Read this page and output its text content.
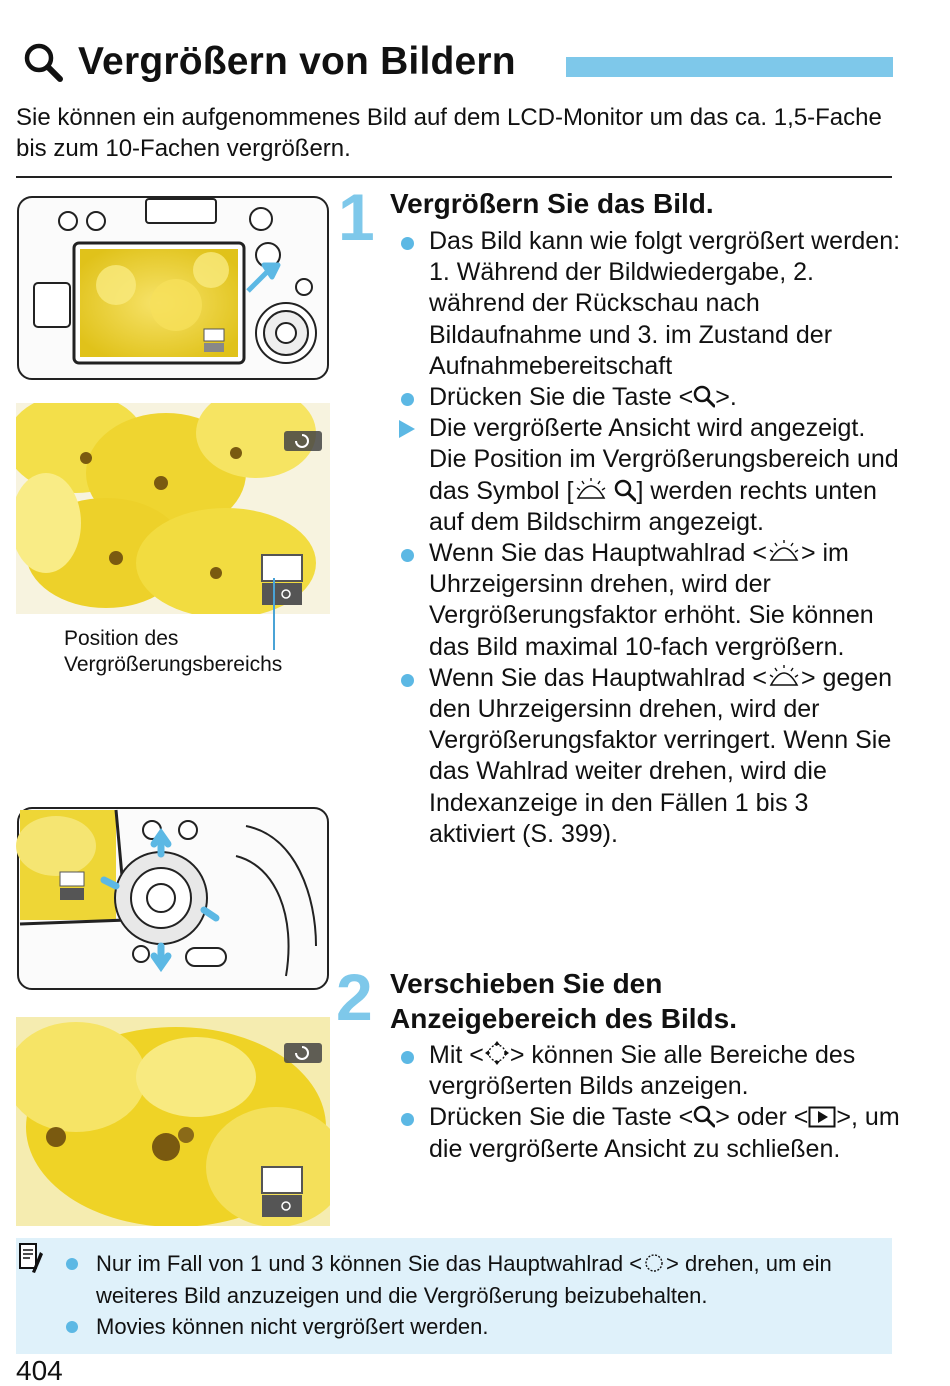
Vergrößern von Bildern
Sie können ein aufgenommenes Bild auf dem LCD-Monitor um das ca. 1,5-Fache bis zum 10-Fachen vergrößern.
Position des
Vergrößerungsbereichs
1 Vergrößern Sie das Bild.
Das Bild kann wie folgt vergrößert werden: 1. Während der Bildwiedergabe, 2. während der Rückschau nach Bildaufnahme und 3. im Zustand der Aufnahmebereitschaft
Drücken Sie die Taste < >.
Die vergrößerte Ansicht wird angezeigt. Die Position im Vergrößerungsbereich und das Symbol [	] werden rechts unten auf dem Bildschirm angezeigt.
Wenn Sie das Hauptwahlrad < > im Uhrzeigersinn drehen, wird der Vergrößerungsfaktor erhöht. Sie können das Bild maximal 10-fach vergrößern.
Wenn Sie das Hauptwahlrad < > gegen den Uhrzeigersinn drehen, wird der Vergrößerungsfaktor verringert. Wenn Sie das Wahlrad weiter drehen, wird die Indexanzeige in den Fällen 1 bis 3 aktiviert (S. 399).
2 Verschieben Sie den
Anzeigebereich des Bilds.
Mit < > können Sie alle Bereiche des vergrößerten Bilds anzeigen.
Drücken Sie die Taste < > oder < >, um die vergrößerte Ansicht zu schließen.
Nur im Fall von 1 und 3 können Sie das Hauptwahlrad < > drehen, um ein weiteres Bild anzuzeigen und die Vergrößerung beizubehalten.
Movies können nicht vergrößert werden.
404
